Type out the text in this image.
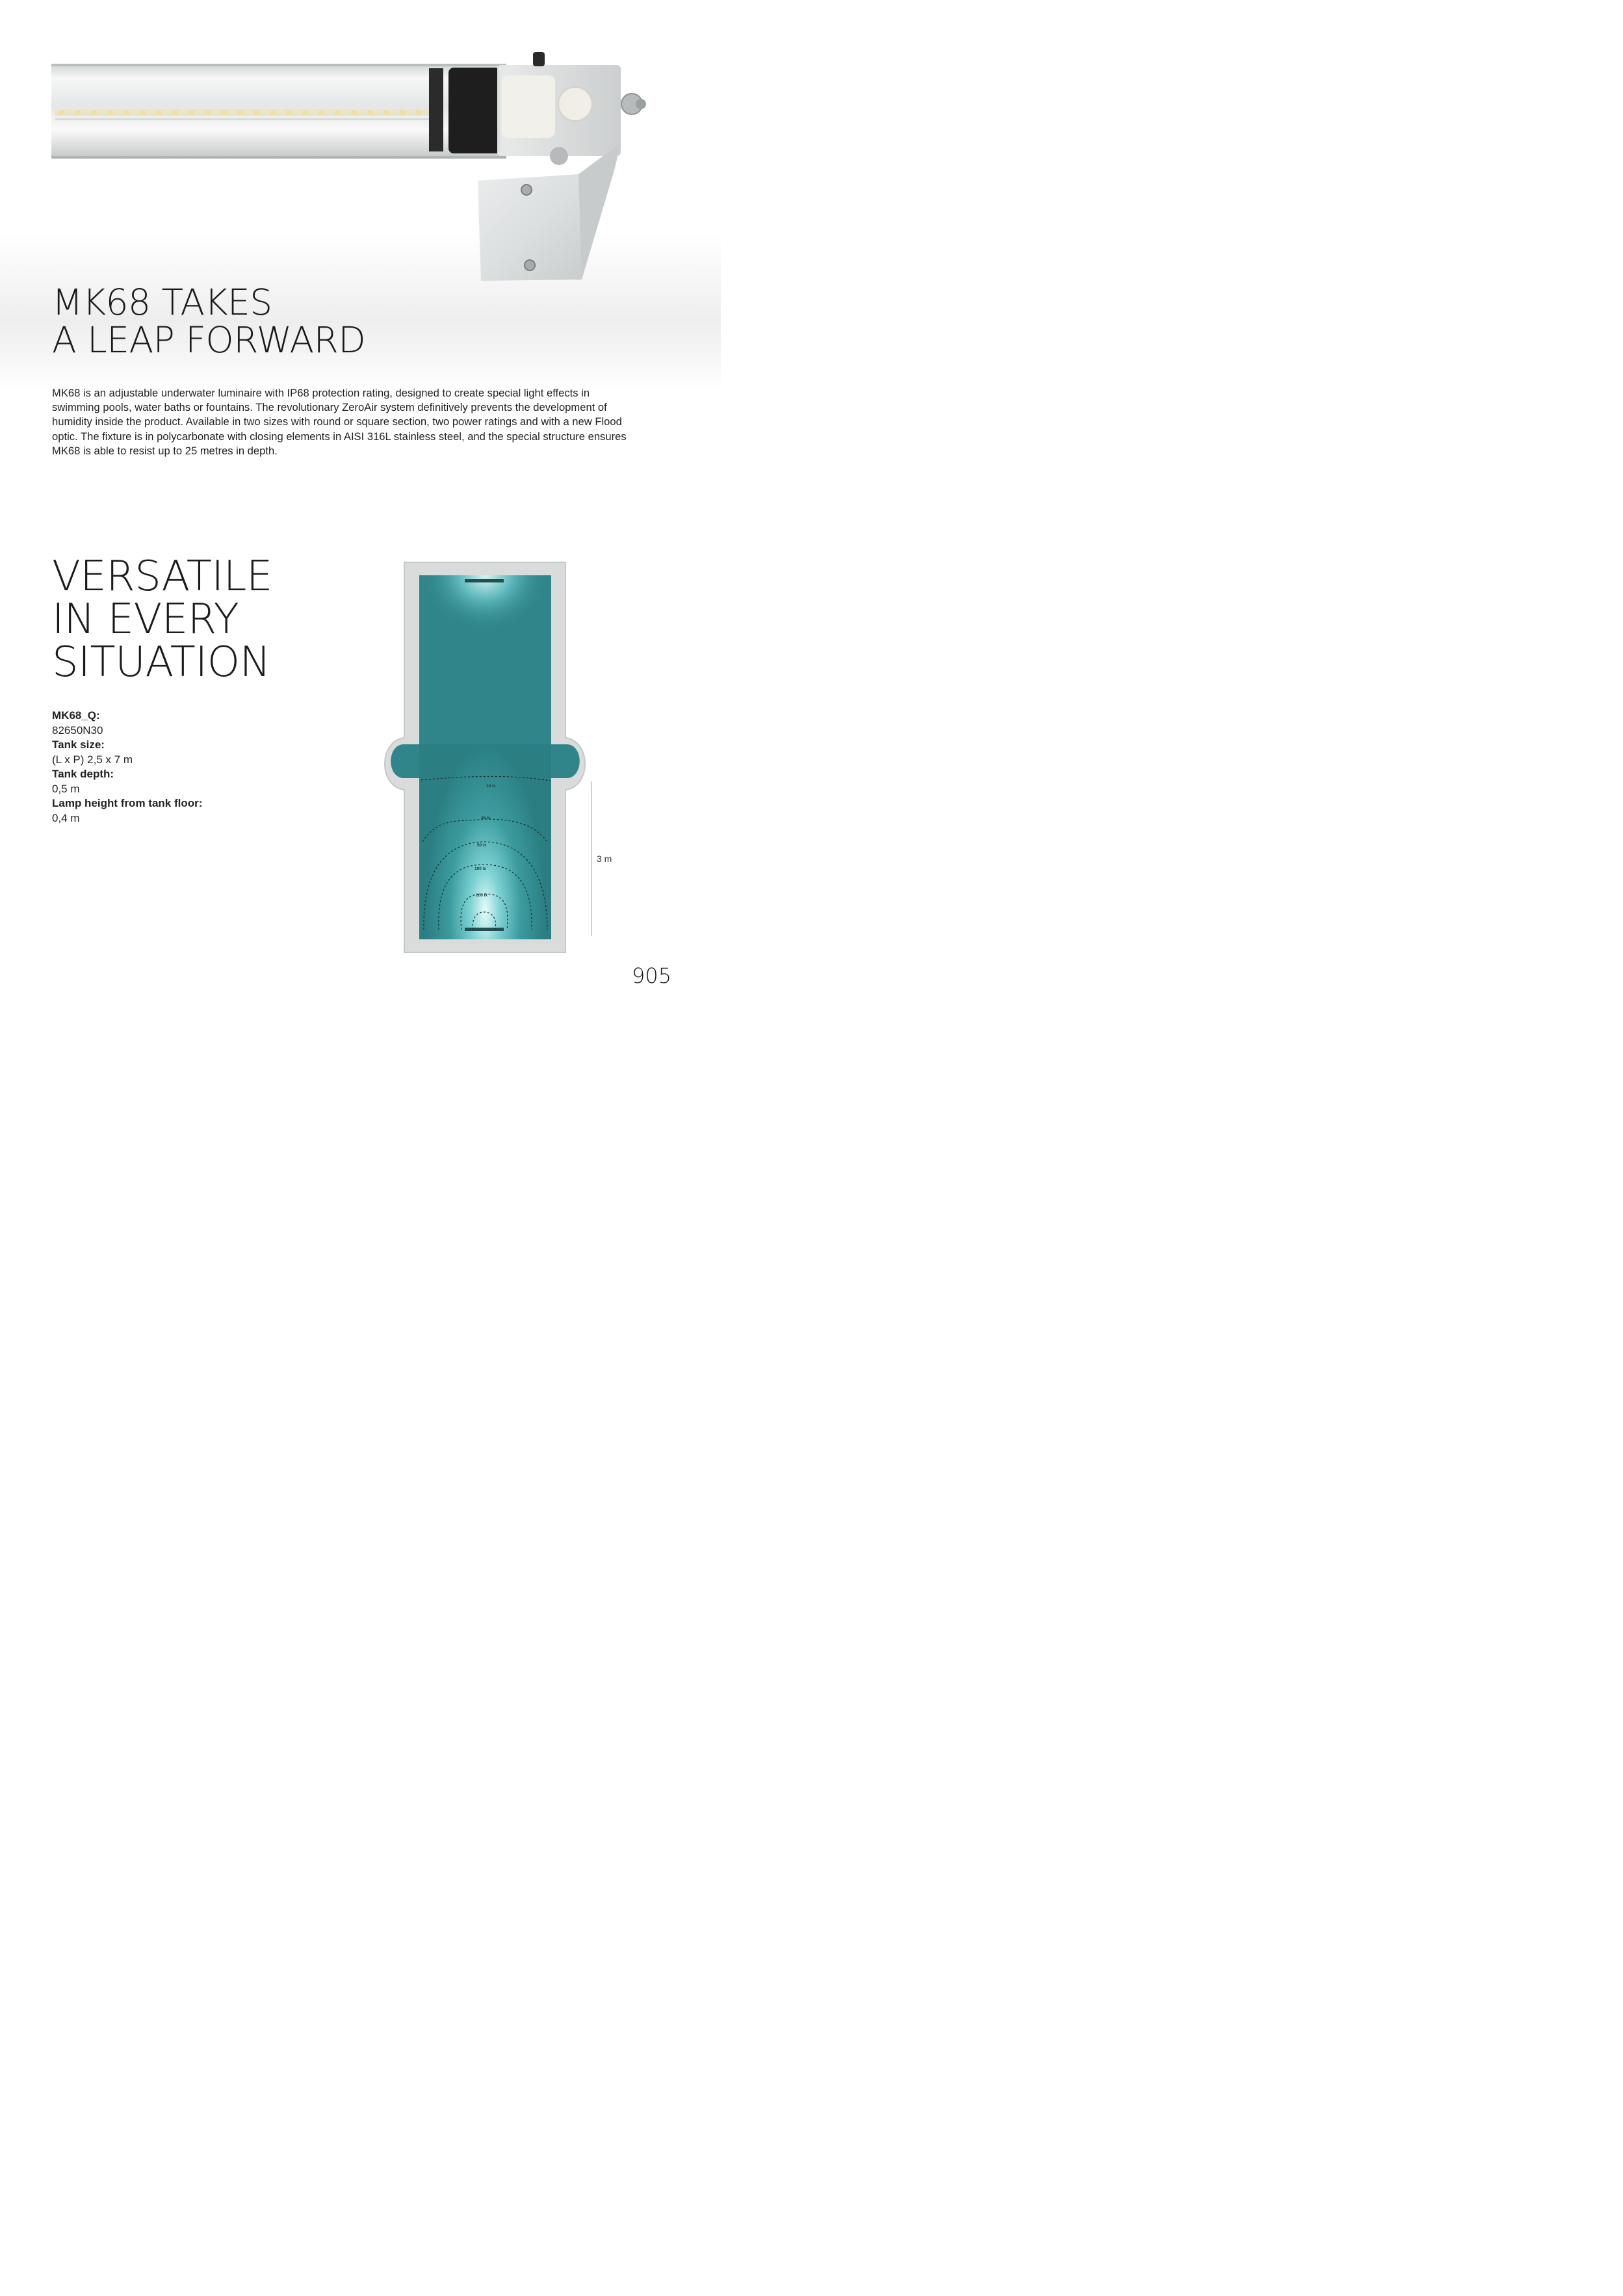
MK68 TAKES
A LEAP FORWARD

MK68 is an adjustable underwater luminaire with IP68 protection rating, designed to create special light effects in swimming pools, water baths or fountains. The revolutionary ZeroAir system definitively prevents the development of humidity inside the product. Available in two sizes with round or square section, two power ratings and with a new Flood optic. The fixture is in polycarbonate with closing elements in AISI 316L stainless steel, and the special structure ensures MK68 is able to resist up to 25 metres in depth.

VERSATILE
IN EVERY
SITUATION
MK68_Q:
82650N30
Tank size:
(L x P) 2,5 x 7 m
Tank depth:
0,5 m
Lamp height from tank floor:
0,4 m
10 lx
25 lx
50 lx
100 lx
200 lx
3 m
905
